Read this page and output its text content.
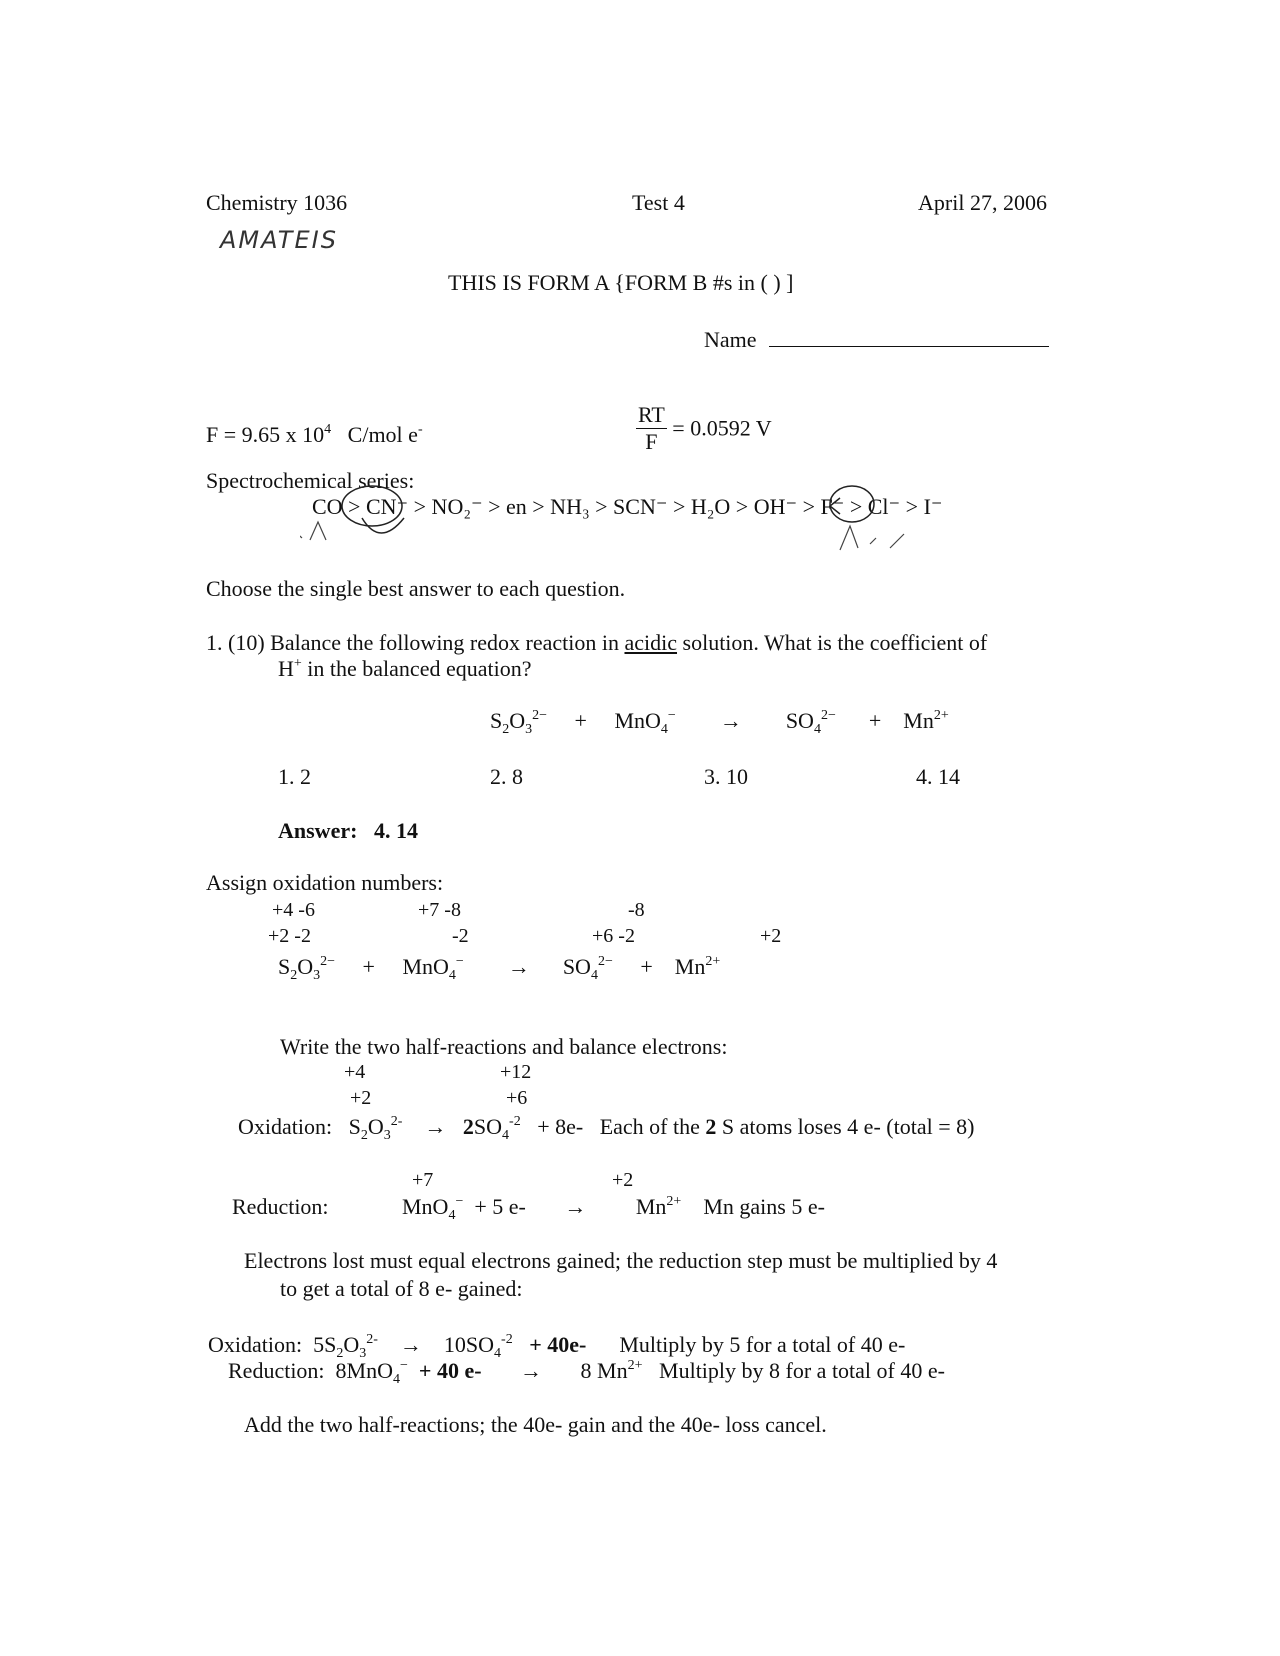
Chemistry 1036	Test 4	April 27, 2006
AMATEIS
THIS IS FORM A {FORM B #s in ( ) ]
Name
F = 9.65 x $10^4$ C/mol e-	$\frac{RT}{F} = 0.0592$ V
Spectrochemical series:
CO > CN⁻ > NO₂⁻ > en > NH₃ > SCN⁻ > H₂O > OH⁻ > F⁻ > Cl⁻ > I⁻
Choose the single best answer to each question.
1. (10) Balance the following redox reaction in acidic solution. What is the coefficient of
H+ in the balanced equation?
$S_2O_3^{2-}$     +     MnO$_4$−        →        $SO_4^{2-}$      +    $Mn^{2+}$
1. 2	2. 8	3. 10	4. 14
Answer: 4. 14
Assign oxidation numbers:
+4 -6	+7 -8	-8
+2 -2	-2	+6 -2	+2
$S_2O_3^{2-}$     +     MnO$_4$−        →      $SO_4^{2-}$     +    $Mn^{2+}$
Write the two half-reactions and balance electrons:
+4	+12
+2	+6
Oxidation:   $S_2O_3^{2-}$    →   $2SO_4^{-2} + 8e-$ Each of the 2 S atoms loses 4 e- (total = 8)
+7	+2
Reduction:	MnO$_4$− + 5 e-       →         $Mn^{2+}$ Mn gains 5 e-
Electrons lost must equal electrons gained; the reduction step must be multiplied by 4
to get a total of 8 e- gained:
Oxidation:  $5S_2O_3^{2-}$    →    $10SO_4^{-2} + 40e-$ Multiply by 5 for a total of 40 e-
Reduction:  8MnO$_4$− + 40 e-       →       8 $Mn^{2+}$ Multiply by 8 for a total of 40 e-
Add the two half-reactions; the 40e- gain and the 40e- loss cancel.
